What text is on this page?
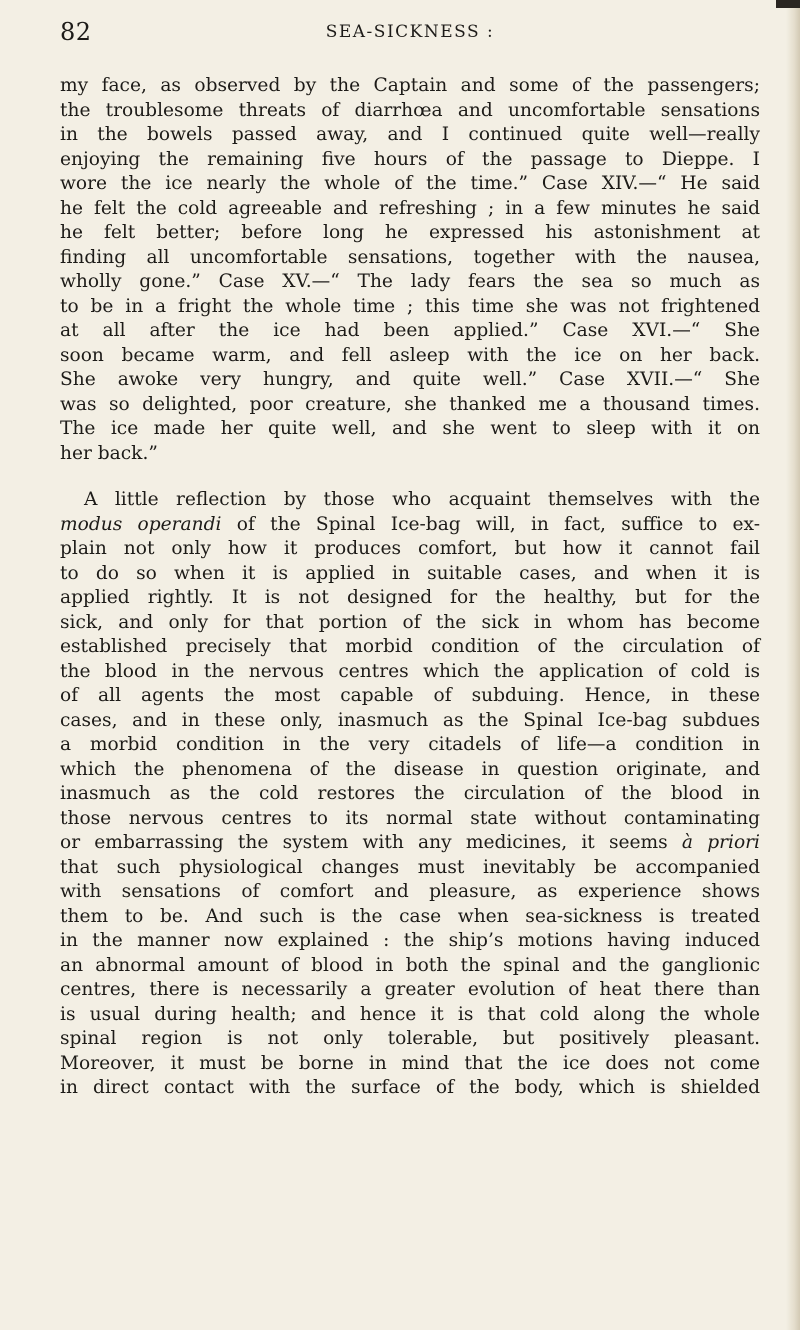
82	SEA-SICKNESS :
my face, as observed by the Captain and some of the passengers;
the troublesome threats of diarrhœa and uncomfortable sensations
in the bowels passed away, and I continued quite well—really
enjoying the remaining five hours of the passage to Dieppe. I
wore the ice nearly the whole of the time.” Case XIV.—“ He said
he felt the cold agreeable and refreshing ; in a few minutes he said
he felt better; before long he expressed his astonishment at
finding all uncomfortable sensations, together with the nausea,
wholly gone.” Case XV.—“ The lady fears the sea so much as
to be in a fright the whole time ; this time she was not frightened
at all after the ice had been applied.” Case XVI.—“ She
soon became warm, and fell asleep with the ice on her back.
She awoke very hungry, and quite well.” Case XVII.—“ She
was so delighted, poor creature, she thanked me a thousand times.
The ice made her quite well, and she went to sleep with it on
her back.”
A little reflection by those who acquaint themselves with the
modus operandi of the Spinal Ice-bag will, in fact, suffice to ex-
plain not only how it produces comfort, but how it cannot fail
to do so when it is applied in suitable cases, and when it is
applied rightly. It is not designed for the healthy, but for the
sick, and only for that portion of the sick in whom has become
established precisely that morbid condition of the circulation of
the blood in the nervous centres which the application of cold is
of all agents the most capable of subduing. Hence, in these
cases, and in these only, inasmuch as the Spinal Ice-bag subdues
a morbid condition in the very citadels of life—a condition in
which the phenomena of the disease in question originate, and
inasmuch as the cold restores the circulation of the blood in
those nervous centres to its normal state without contaminating
or embarrassing the system with any medicines, it seems à priori
that such physiological changes must inevitably be accompanied
with sensations of comfort and pleasure, as experience shows
them to be. And such is the case when sea-sickness is treated
in the manner now explained : the ship’s motions having induced
an abnormal amount of blood in both the spinal and the ganglionic
centres, there is necessarily a greater evolution of heat there than
is usual during health; and hence it is that cold along the whole
spinal region is not only tolerable, but positively pleasant.
Moreover, it must be borne in mind that the ice does not come
in direct contact with the surface of the body, which is shielded
